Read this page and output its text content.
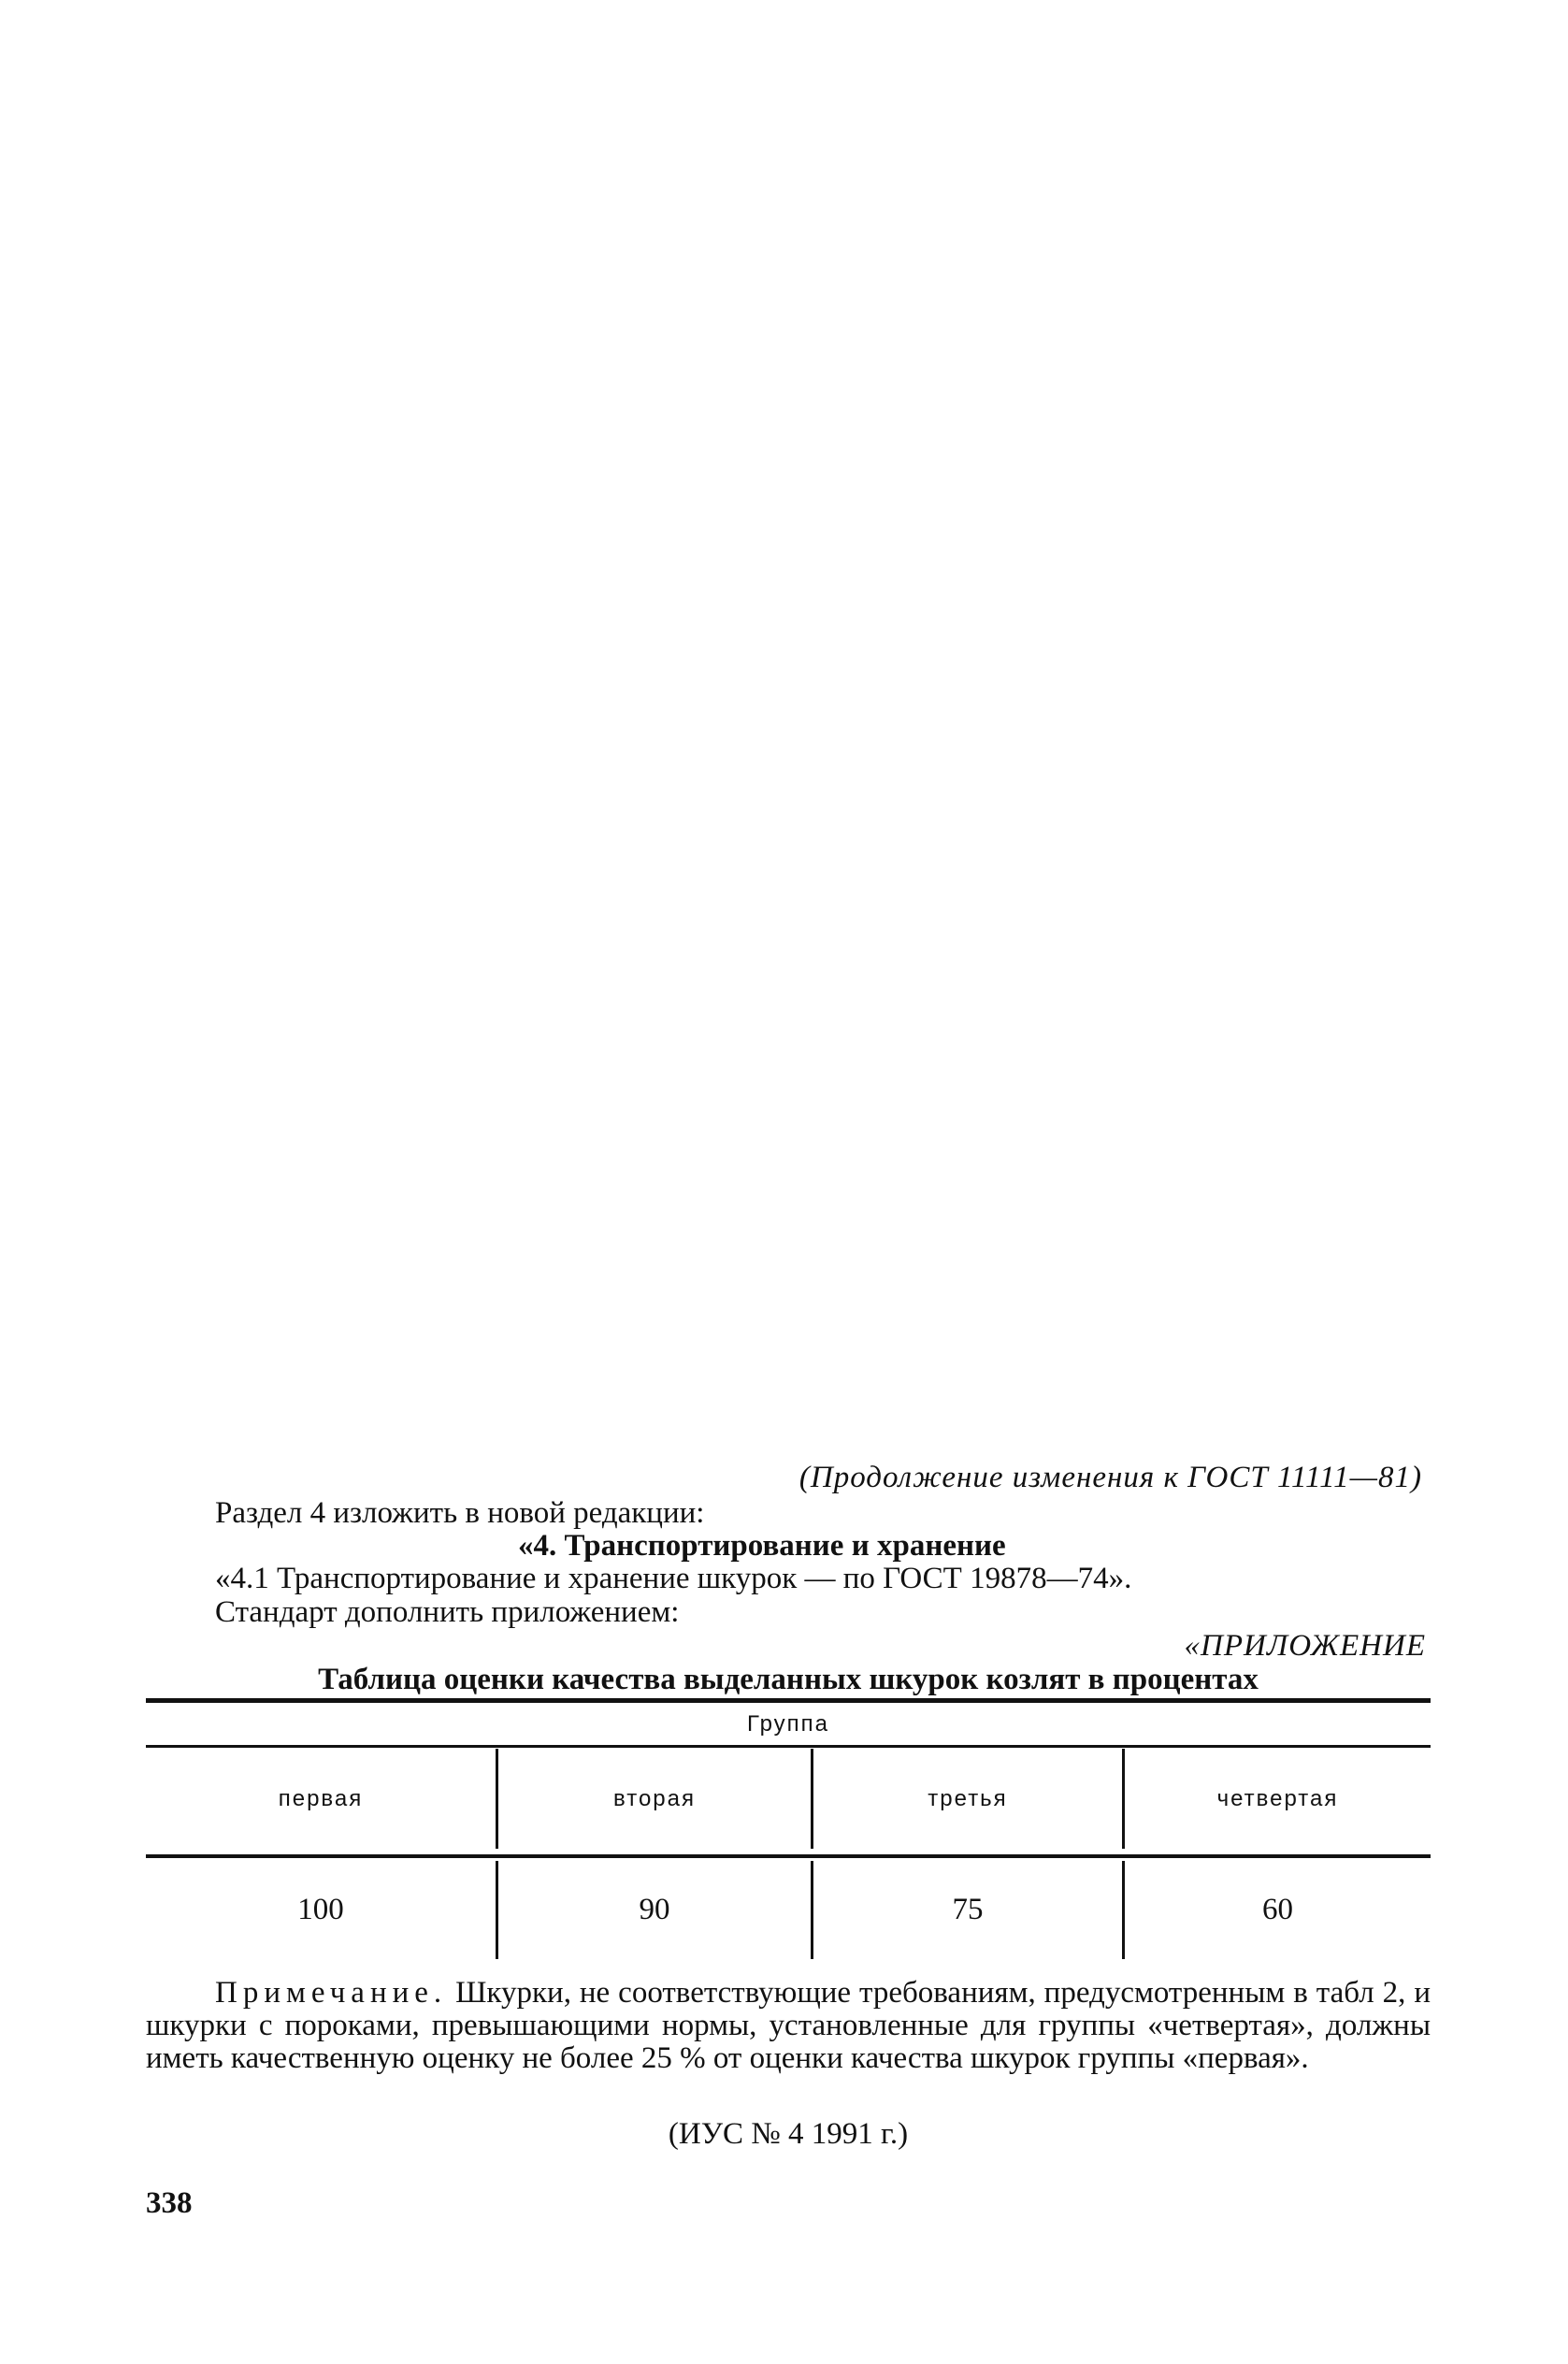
(Продолжение изменения к ГОСТ 11111—81)
Раздел 4 изложить в новой редакции:
«4. Транспортирование и хранение
«4.1 Транспортирование и хранение шкурок — по ГОСТ 19878—74».
Стандарт дополнить приложением:
«ПРИЛОЖЕНИЕ
Таблица оценки качества выделанных шкурок козлят в процентах
Группа
первая	вторая	третья	четвертая
100	90	75	60
Примечание. Шкурки, не соответствующие требованиям, предусмотренным в табл 2, и шкурки с пороками, превышающими нормы, установленные для группы «четвертая», должны иметь качественную оценку не более 25 % от оценки качества шкурок группы «первая».
(ИУС № 4 1991 г.)
338
